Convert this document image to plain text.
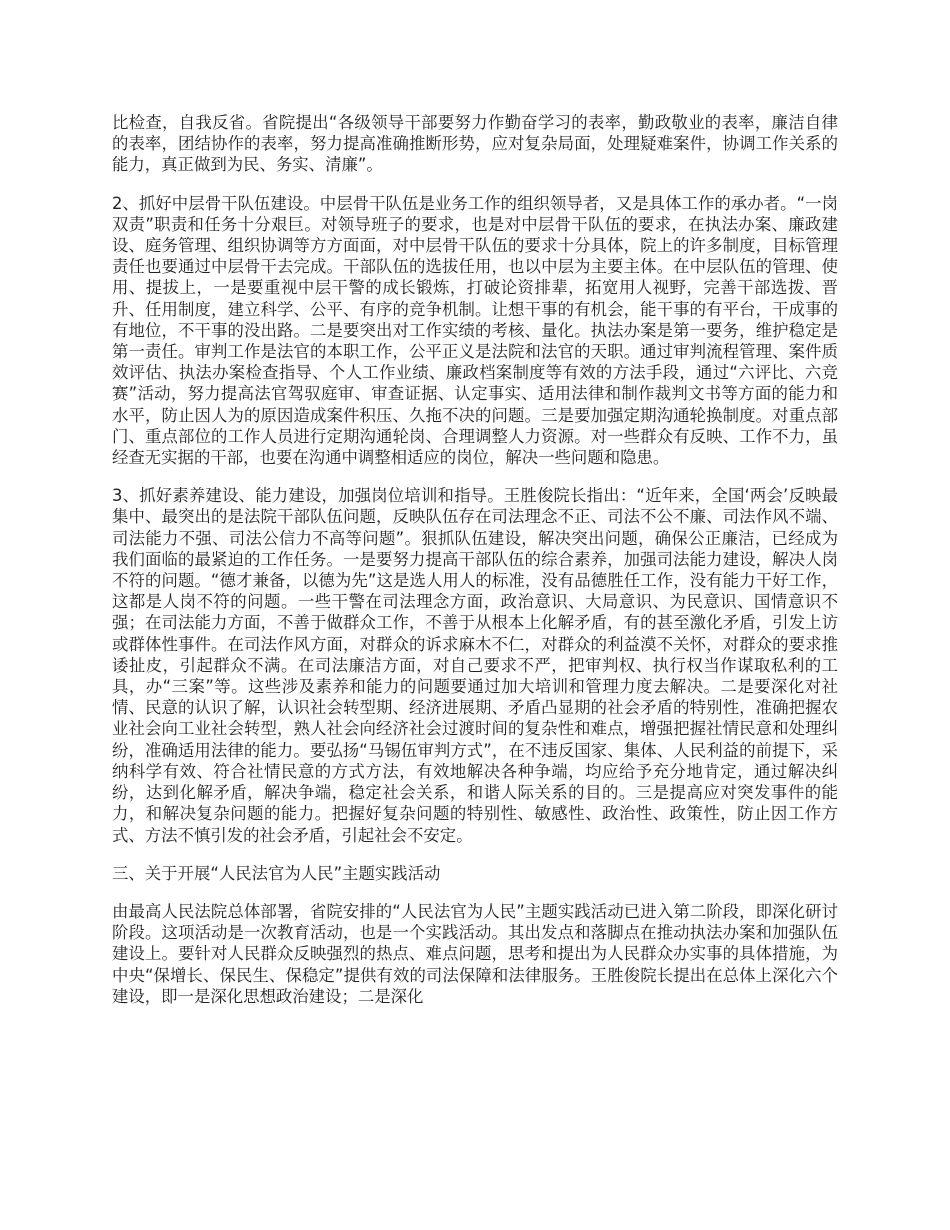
比检查，自我反省。省院提出“各级领导干部要努力作勤奋学习的表率，勤政敬业的表率，廉洁自律的表率，团结协作的表率，努力提高准确推断形势，应对复杂局面，处理疑难案件，协调工作关系的能力，真正做到为民、务实、清廉”。

2、抓好中层骨干队伍建设。中层骨干队伍是业务工作的组织领导者，又是具体工作的承办者。“一岗双责”职责和任务十分艰巨。对领导班子的要求，也是对中层骨干队伍的要求，在执法办案、廉政建设、庭务管理、组织协调等方方面面，对中层骨干队伍的要求十分具体，院上的许多制度，目标管理责任也要通过中层骨干去完成。干部队伍的选拔任用，也以中层为主要主体。在中层队伍的管理、使用、提拔上，一是要重视中层干警的成长锻炼，打破论资排辈，拓宽用人视野，完善干部选拨、晋升、任用制度，建立科学、公平、有序的竞争机制。让想干事的有机会，能干事的有平台，干成事的有地位，不干事的没出路。二是要突出对工作实绩的考核、量化。执法办案是第一要务，维护稳定是第一责任。审判工作是法官的本职工作，公平正义是法院和法官的天职。通过审判流程管理、案件质效评估、执法办案检查指导、个人工作业绩、廉政档案制度等有效的方法手段，通过“六评比、六竞赛”活动，努力提高法官驾驭庭审、审查证据、认定事实、适用法律和制作裁判文书等方面的能力和水平，防止因人为的原因造成案件积压、久拖不决的问题。三是要加强定期沟通轮换制度。对重点部门、重点部位的工作人员进行定期沟通轮岗、合理调整人力资源。对一些群众有反映、工作不力，虽经查无实据的干部，也要在沟通中调整相适应的岗位，解决一些问题和隐患。

3、抓好素养建设、能力建设，加强岗位培训和指导。王胜俊院长指出：“近年来，全国‘两会’反映最集中、最突出的是法院干部队伍问题，反映队伍存在司法理念不正、司法不公不廉、司法作风不端、司法能力不强、司法公信力不高等问题”。狠抓队伍建设，解决突出问题，确保公正廉洁，已经成为我们面临的最紧迫的工作任务。一是要努力提高干部队伍的综合素养，加强司法能力建设，解决人岗不符的问题。“德才兼备，以德为先”这是选人用人的标准，没有品德胜任工作，没有能力干好工作，这都是人岗不符的问题。一些干警在司法理念方面，政治意识、大局意识、为民意识、国情意识不强；在司法能力方面，不善于做群众工作，不善于从根本上化解矛盾，有的甚至激化矛盾，引发上访或群体性事件。在司法作风方面，对群众的诉求麻木不仁，对群众的利益漠不关怀，对群众的要求推诿扯皮，引起群众不满。在司法廉洁方面，对自己要求不严，把审判权、执行权当作谋取私利的工具，办“三案”等。这些涉及素养和能力的问题要通过加大培训和管理力度去解决。二是要深化对社情、民意的认识了解，认识社会转型期、经济进展期、矛盾凸显期的社会矛盾的特别性，准确把握农业社会向工业社会转型，熟人社会向经济社会过渡时间的复杂性和难点，增强把握社情民意和处理纠纷，准确适用法律的能力。要弘扬“马锡伍审判方式”，在不违反国家、集体、人民利益的前提下，采纳科学有效、符合社情民意的方式方法，有效地解决各种争端，均应给予充分地肯定，通过解决纠纷，达到化解矛盾，解决争端，稳定社会关系，和谐人际关系的目的。三是提高应对突发事件的能力，和解决复杂问题的能力。把握好复杂问题的特别性、敏感性、政治性、政策性，防止因工作方式、方法不慎引发的社会矛盾，引起社会不安定。

三、关于开展“人民法官为人民”主题实践活动

由最高人民法院总体部署，省院安排的“人民法官为人民”主题实践活动已进入第二阶段，即深化研讨阶段。这项活动是一次教育活动，也是一个实践活动。其出发点和落脚点在推动执法办案和加强队伍建设上。要针对人民群众反映强烈的热点、难点问题，思考和提出为人民群众办实事的具体措施，为中央“保增长、保民生、保稳定”提供有效的司法保障和法律服务。王胜俊院长提出在总体上深化六个建设，即一是深化思想政治建设；二是深化
